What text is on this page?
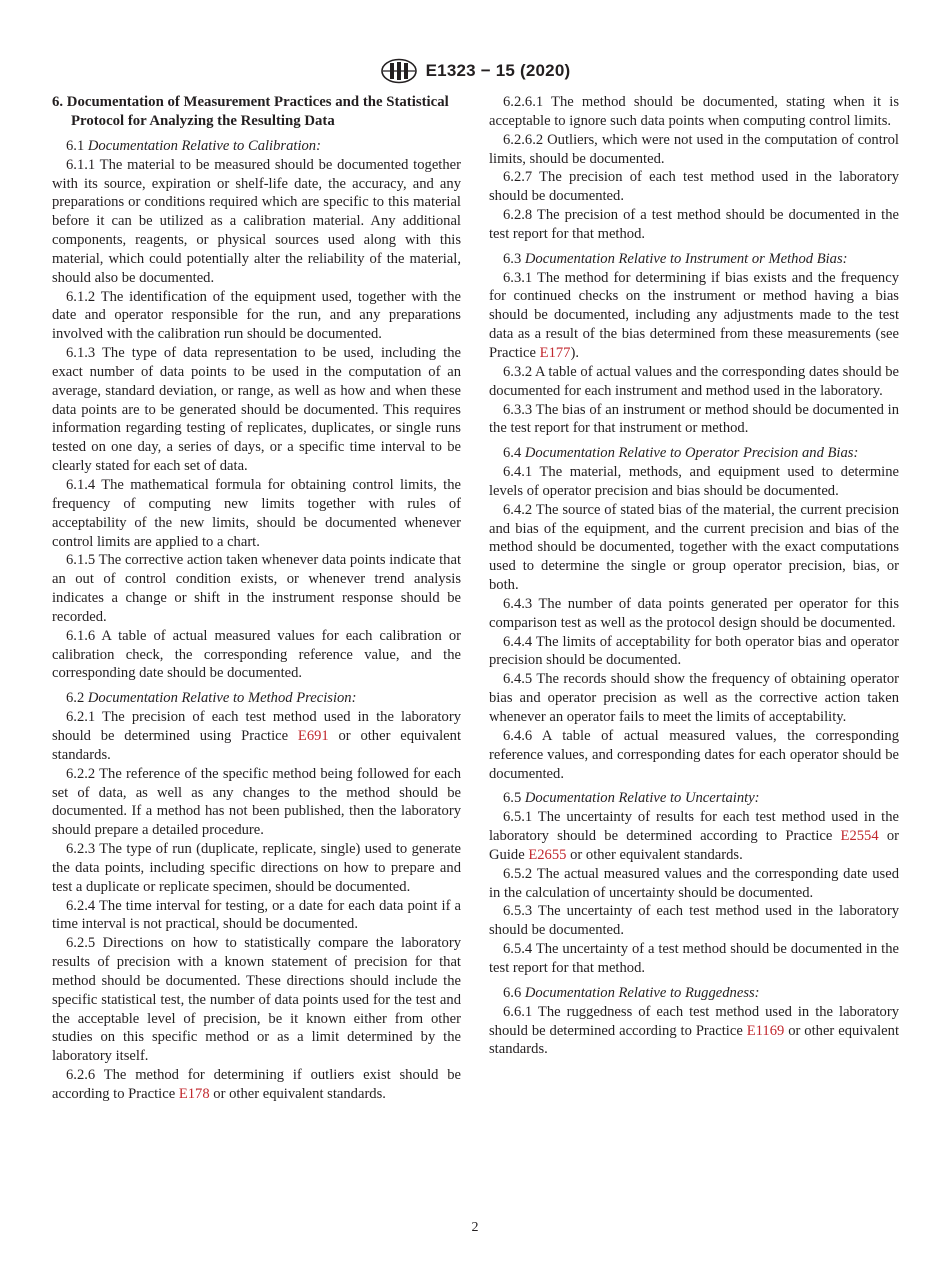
E1323 − 15 (2020)

6. Documentation of Measurement Practices and the Statistical Protocol for Analyzing the Resulting Data

6.1 Documentation Relative to Calibration:

6.1.1 The material to be measured should be documented together with its source, expiration or shelf-life date, the accuracy, and any preparations or conditions required which are specific to this material before it can be utilized as a calibration material. Any additional components, reagents, or physical sources used along with this material, which could potentially alter the reliability of the material, should also be documented.

6.1.2 The identification of the equipment used, together with the date and operator responsible for the run, and any preparations involved with the calibration run should be documented.

6.1.3 The type of data representation to be used, including the exact number of data points to be used in the computation of an average, standard deviation, or range, as well as how and when these data points are to be generated should be documented. This requires information regarding testing of replicates, duplicates, or single runs tested on one day, a series of days, or a specific time interval to be clearly stated for each set of data.

6.1.4 The mathematical formula for obtaining control limits, the frequency of computing new limits together with rules of acceptability of the new limits, should be documented whenever control limits are applied to a chart.

6.1.5 The corrective action taken whenever data points indicate that an out of control condition exists, or whenever trend analysis indicates a change or shift in the instrument response should be recorded.

6.1.6 A table of actual measured values for each calibration or calibration check, the corresponding reference value, and the corresponding date should be documented.

6.2 Documentation Relative to Method Precision:

6.2.1 The precision of each test method used in the laboratory should be determined using Practice E691 or other equivalent standards.

6.2.2 The reference of the specific method being followed for each set of data, as well as any changes to the method should be documented. If a method has not been published, then the laboratory should prepare a detailed procedure.

6.2.3 The type of run (duplicate, replicate, single) used to generate the data points, including specific directions on how to prepare and test a duplicate or replicate specimen, should be documented.

6.2.4 The time interval for testing, or a date for each data point if a time interval is not practical, should be documented.

6.2.5 Directions on how to statistically compare the laboratory results of precision with a known statement of precision for that method should be documented. These directions should include the specific statistical test, the number of data points used for the test and the acceptable level of precision, be it known either from other studies on this specific method or as a limit determined by the laboratory itself.

6.2.6 The method for determining if outliers exist should be according to Practice E178 or other equivalent standards.

6.2.6.1 The method should be documented, stating when it is acceptable to ignore such data points when computing control limits.

6.2.6.2 Outliers, which were not used in the computation of control limits, should be documented.

6.2.7 The precision of each test method used in the laboratory should be documented.

6.2.8 The precision of a test method should be documented in the test report for that method.

6.3 Documentation Relative to Instrument or Method Bias:

6.3.1 The method for determining if bias exists and the frequency for continued checks on the instrument or method having a bias should be documented, including any adjustments made to the test data as a result of the bias determined from these measurements (see Practice E177).

6.3.2 A table of actual values and the corresponding dates should be documented for each instrument and method used in the laboratory.

6.3.3 The bias of an instrument or method should be documented in the test report for that instrument or method.

6.4 Documentation Relative to Operator Precision and Bias:

6.4.1 The material, methods, and equipment used to determine levels of operator precision and bias should be documented.

6.4.2 The source of stated bias of the material, the current precision and bias of the equipment, and the current precision and bias of the method should be documented, together with the exact computations used to determine the single or group operator precision, bias, or both.

6.4.3 The number of data points generated per operator for this comparison test as well as the protocol design should be documented.

6.4.4 The limits of acceptability for both operator bias and operator precision should be documented.

6.4.5 The records should show the frequency of obtaining operator bias and operator precision as well as the corrective action taken whenever an operator fails to meet the limits of acceptability.

6.4.6 A table of actual measured values, the corresponding reference values, and corresponding dates for each operator should be documented.

6.5 Documentation Relative to Uncertainty:

6.5.1 The uncertainty of results for each test method used in the laboratory should be determined according to Practice E2554 or Guide E2655 or other equivalent standards.

6.5.2 The actual measured values and the corresponding date used in the calculation of uncertainty should be documented.

6.5.3 The uncertainty of each test method used in the laboratory should be documented.

6.5.4 The uncertainty of a test method should be documented in the test report for that method.

6.6 Documentation Relative to Ruggedness:

6.6.1 The ruggedness of each test method used in the laboratory should be determined according to Practice E1169 or other equivalent standards.

2
